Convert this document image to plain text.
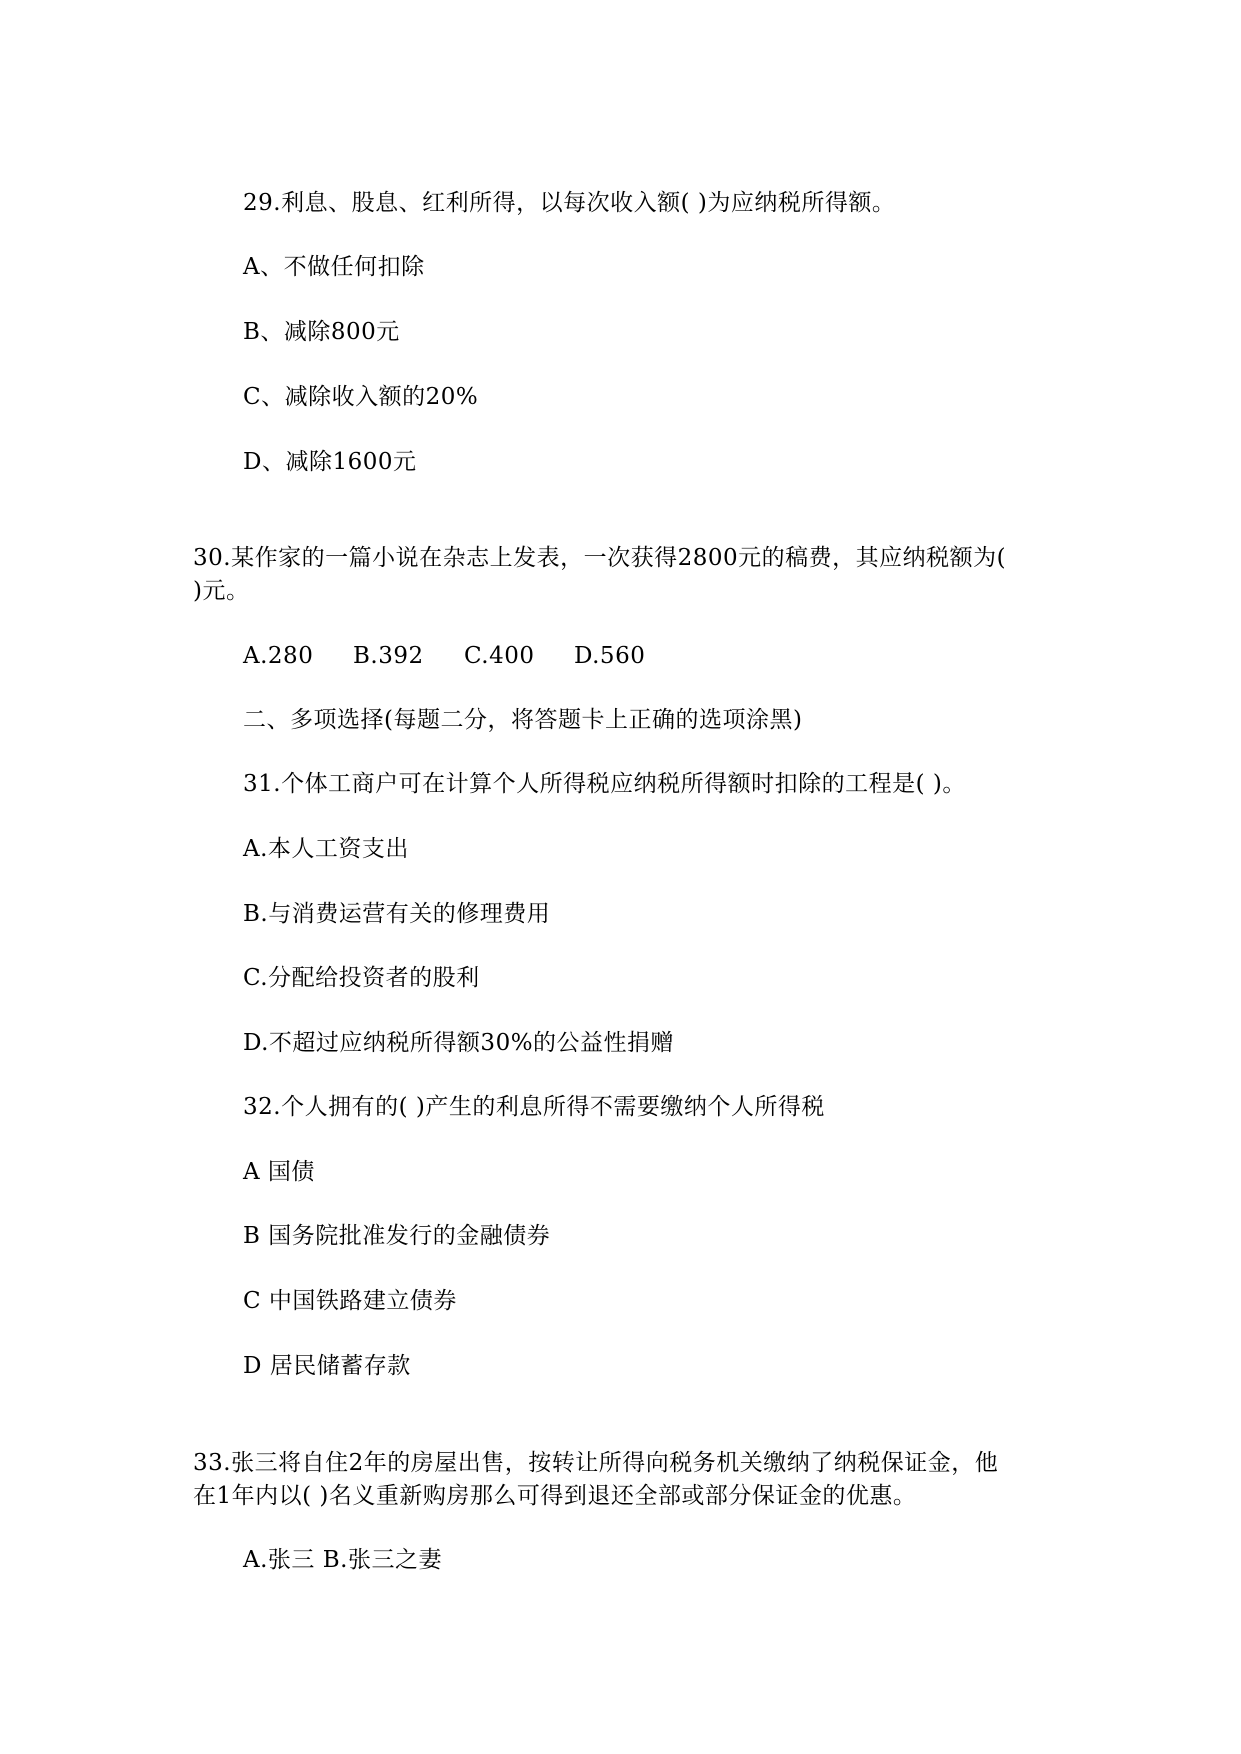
29.利息、股息、红利所得，以每次收入额( )为应纳税所得额。
A、不做任何扣除
B、减除800元
C、减除收入额的20%
D、减除1600元
30.某作家的一篇小说在杂志上发表，一次获得2800元的稿费，其应纳税额为(
)元。
A.280 B.392 C.400 D.560
二、多项选择(每题二分，将答题卡上正确的选项涂黑)
31.个体工商户可在计算个人所得税应纳税所得额时扣除的工程是( )。
A.本人工资支出
B.与消费运营有关的修理费用
C.分配给投资者的股利
D.不超过应纳税所得额30%的公益性捐赠
32.个人拥有的( )产生的利息所得不需要缴纳个人所得税
A 国债
B 国务院批准发行的金融债券
C 中国铁路建立债券
D 居民储蓄存款
33.张三将自住2年的房屋出售，按转让所得向税务机关缴纳了纳税保证金，他
在1年内以( )名义重新购房那么可得到退还全部或部分保证金的优惠。
A.张三 B.张三之妻
